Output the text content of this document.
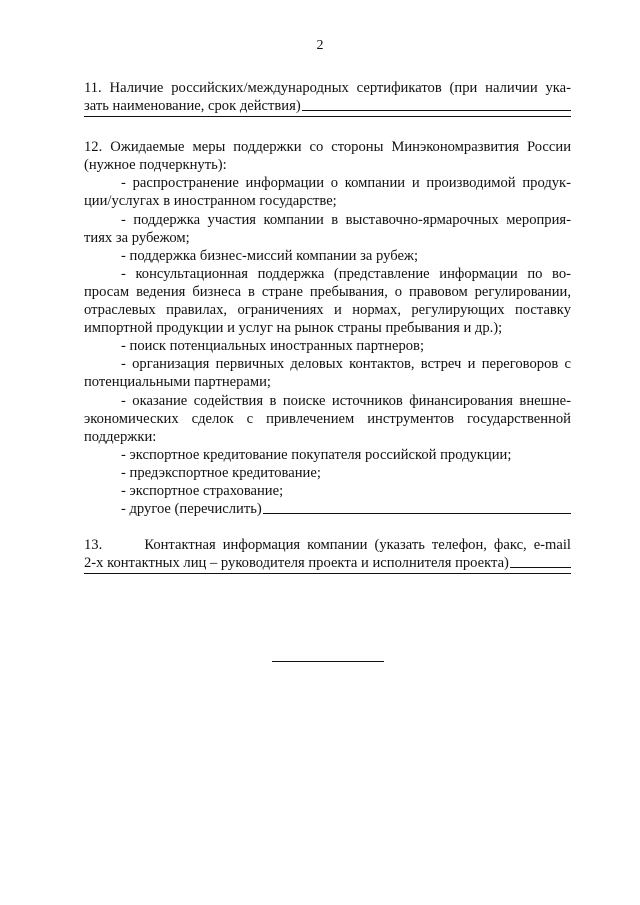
2
11. Наличие российских/международных сертификатов (при наличии ука-
зать наименование, срок действия)
12. Ожидаемые меры поддержки со стороны Минэкономразвития России
(нужное подчеркнуть):
- распространение информации о компании и производимой продук-ции/услугах в иностранном государстве;
- поддержка участия компании в выставочно-ярмарочных мероприя-тиях за рубежом;
- поддержка бизнес-миссий компании за рубеж;
- консультационная поддержка (представление информации по во-просам ведения бизнеса в стране пребывания, о правовом регулировании, отраслевых правилах, ограничениях и нормах, регулирующих поставку импортной продукции и услуг на рынок страны пребывания и др.);
- поиск потенциальных иностранных партнеров;
- организация первичных деловых контактов, встреч и переговоров с потенциальными партнерами;
- оказание содействия в поиске источников финансирования внешне-экономических сделок с привлечением инструментов государственной поддержки:
- экспортное кредитование покупателя российской продукции;
- предэкспортное кредитование;
- экспортное страхование;
- другое (перечислить)
13.      Контактная информация компании (указать телефон, факс, e-mail
2-х контактных лиц – руководителя проекта и исполнителя проекта)
